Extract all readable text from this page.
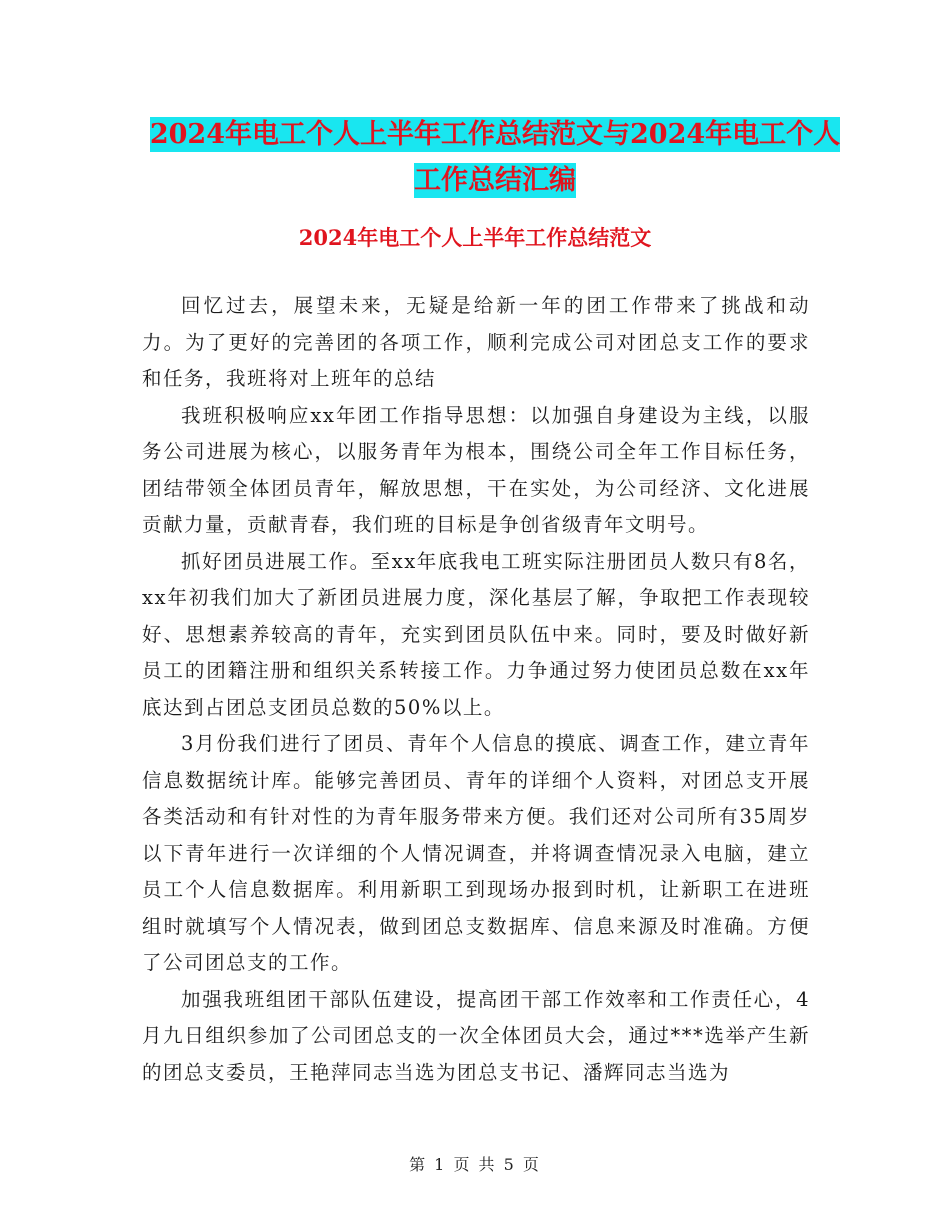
2024年电工个人上半年工作总结范文与2024年电工个人工作总结汇编
2024年电工个人上半年工作总结范文

回忆过去，展望未来，无疑是给新一年的团工作带来了挑战和动力。为了更好的完善团的各项工作，顺利完成公司对团总支工作的要求和任务，我班将对上班年的总结

我班积极响应xx年团工作指导思想：以加强自身建设为主线，以服务公司进展为核心，以服务青年为根本，围绕公司全年工作目标任务，团结带领全体团员青年，解放思想，干在实处，为公司经济、文化进展贡献力量，贡献青春，我们班的目标是争创省级青年文明号。

抓好团员进展工作。至xx年底我电工班实际注册团员人数只有8名，xx年初我们加大了新团员进展力度，深化基层了解，争取把工作表现较好、思想素养较高的青年，充实到团员队伍中来。同时，要及时做好新员工的团籍注册和组织关系转接工作。力争通过努力使团员总数在xx年底达到占团总支团员总数的50%以上。

3月份我们进行了团员、青年个人信息的摸底、调查工作，建立青年信息数据统计库。能够完善团员、青年的详细个人资料，对团总支开展各类活动和有针对性的为青年服务带来方便。我们还对公司所有35周岁以下青年进行一次详细的个人情况调查，并将调查情况录入电脑，建立员工个人信息数据库。利用新职工到现场办报到时机，让新职工在进班组时就填写个人情况表，做到团总支数据库、信息来源及时准确。方便了公司团总支的工作。

加强我班组团干部队伍建设，提高团干部工作效率和工作责任心，4月九日组织参加了公司团总支的一次全体团员大会，通过***选举产生新的团总支委员，王艳萍同志当选为团总支书记、潘辉同志当选为

第 1 页 共 5 页
